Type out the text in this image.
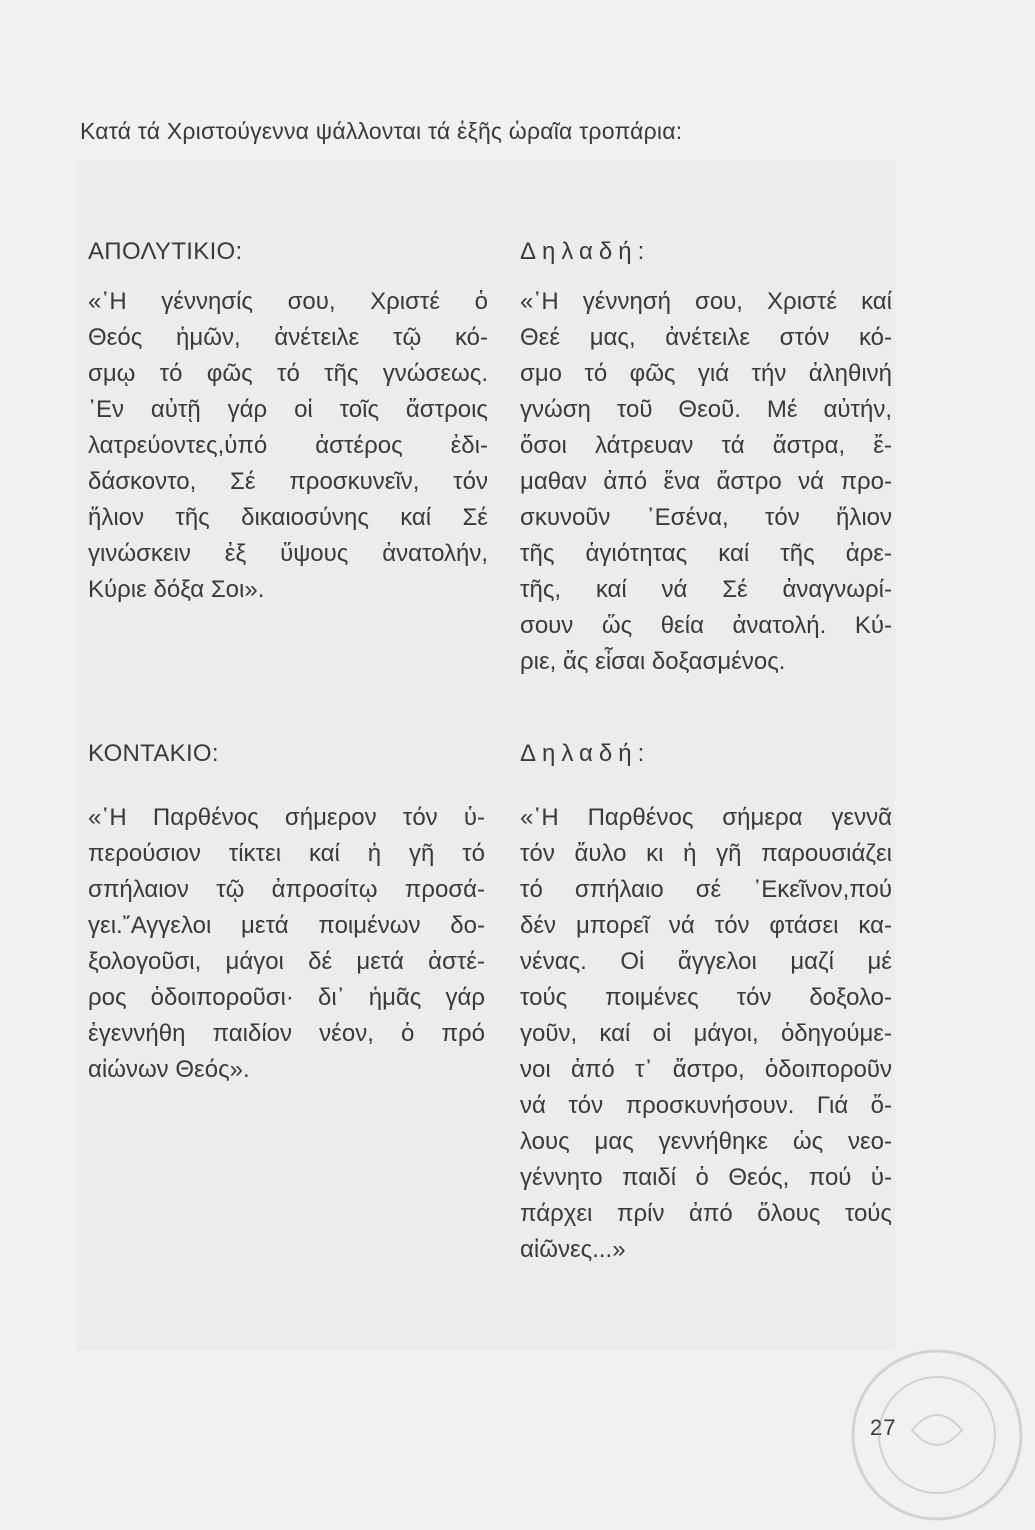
Κατά τά Χριστούγεννα ψάλλονται τά ἑξῆς ὡραῖα τροπάρια:
ΑΠΟΛΥΤΙΚΙΟ:
«῾Η γέννησίς σου, Χριστέ ὁ
Θεός ἡμῶν, ἀνέτειλε τῷ κό-
σμῳ τό φῶς τό τῆς γνώσεως.
᾿Εν αὐτῇ γάρ οἱ τοῖς ἄστροις
λατρεύοντες,ὑπό ἀστέρος ἐδι-
δάσκοντο, Σέ προσκυνεῖν, τόν
ἥλιον τῆς δικαιοσύνης καί Σέ
γινώσκειν ἐξ ὕψους ἀνατολήν,
Κύριε δόξα Σοι».
Δηλαδή:
«῾Η γέννησή σου, Χριστέ καί
Θεέ μας, ἀνέτειλε στόν κό-
σμο τό φῶς γιά τήν ἀληθινή
γνώση τοῦ Θεοῦ. Μέ αὐτήν,
ὅσοι λάτρευαν τά ἄστρα, ἔ-
μαθαν ἀπό ἕνα ἄστρο νά προ-
σκυνοῦν ᾿Εσένα, τόν ἥλιον
τῆς ἁγιότητας καί τῆς ἀρε-
τῆς, καί νά Σέ ἀναγνωρί-
σουν ὥς θεία ἀνατολή. Κύ-
ριε, ἄς εἶσαι δοξασμένος.
ΚΟΝΤΑΚΙΟ:
«῾Η Παρθένος σήμερον τόν ὑ-
περούσιον τίκτει καί ἡ γῆ τό
σπήλαιον τῷ ἀπροσίτῳ προσά-
γει.῎Αγγελοι μετά ποιμένων δο-
ξολογοῦσι, μάγοι δέ μετά ἀστέ-
ρος ὁδοιποροῦσι· δι᾿ ἡμᾶς γάρ
ἐγεννήθη παιδίον νέον, ὁ πρό
αἰώνων Θεός».
Δηλαδή:
«῾Η Παρθένος σήμερα γεννᾶ
τόν ἄυλο κι ἡ γῆ παρουσιάζει
τό σπήλαιο σέ ᾿Εκεῖνον,πού
δέν μπορεῖ νά τόν φτάσει κα-
νένας. Οἱ ἄγγελοι μαζί μέ
τούς ποιμένες τόν δοξολο-
γοῦν, καί οἱ μάγοι, ὁδηγούμε-
νοι ἀπό τ᾿ ἄστρο, ὁδοιποροῦν
νά τόν προσκυνήσουν. Γιά ὅ-
λους μας γεννήθηκε ὡς νεο-
γέννητο παιδί ὁ Θεός, πού ὑ-
πάρχει πρίν ἀπό ὅλους τούς
αἰῶνες...»
27
